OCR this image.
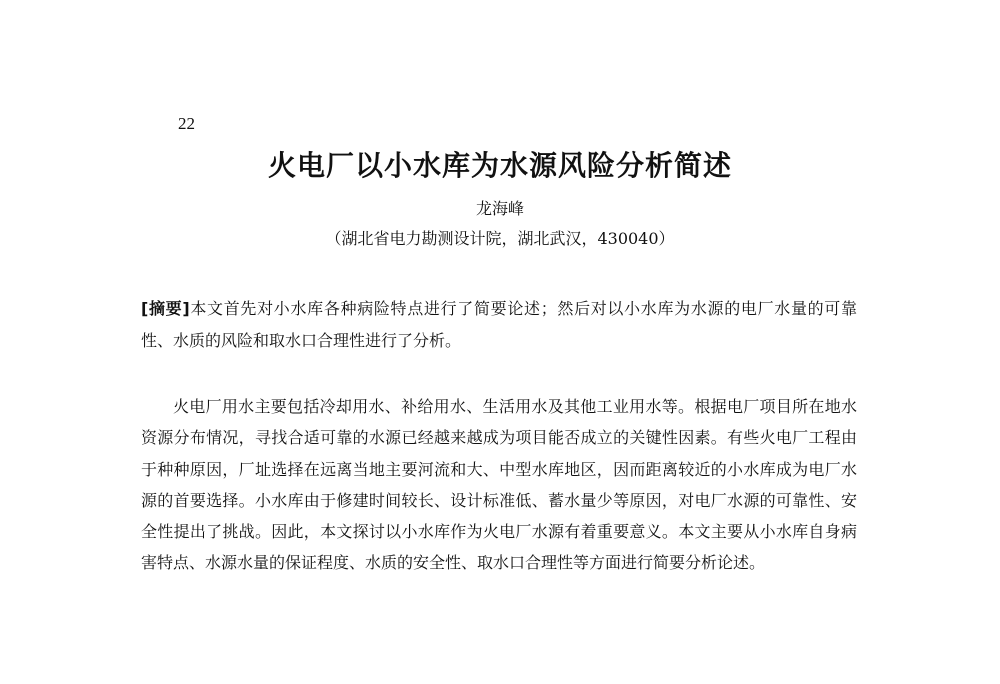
22
火电厂以小水库为水源风险分析简述
龙海峰
（湖北省电力勘测设计院，湖北武汉，430040）

[摘要]本文首先对小水库各种病险特点进行了简要论述；然后对以小水库为水源的电厂水量的可靠性、水质的风险和取水口合理性进行了分析。

火电厂用水主要包括冷却用水、补给用水、生活用水及其他工业用水等。根据电厂项目所在地水资源分布情况，寻找合适可靠的水源已经越来越成为项目能否成立的关键性因素。有些火电厂工程由于种种原因，厂址选择在远离当地主要河流和大、中型水库地区，因而距离较近的小水库成为电厂水源的首要选择。小水库由于修建时间较长、设计标准低、蓄水量少等原因，对电厂水源的可靠性、安全性提出了挑战。因此，本文探讨以小水库作为火电厂水源有着重要意义。本文主要从小水库自身病害特点、水源水量的保证程度、水质的安全性、取水口合理性等方面进行简要分析论述。
